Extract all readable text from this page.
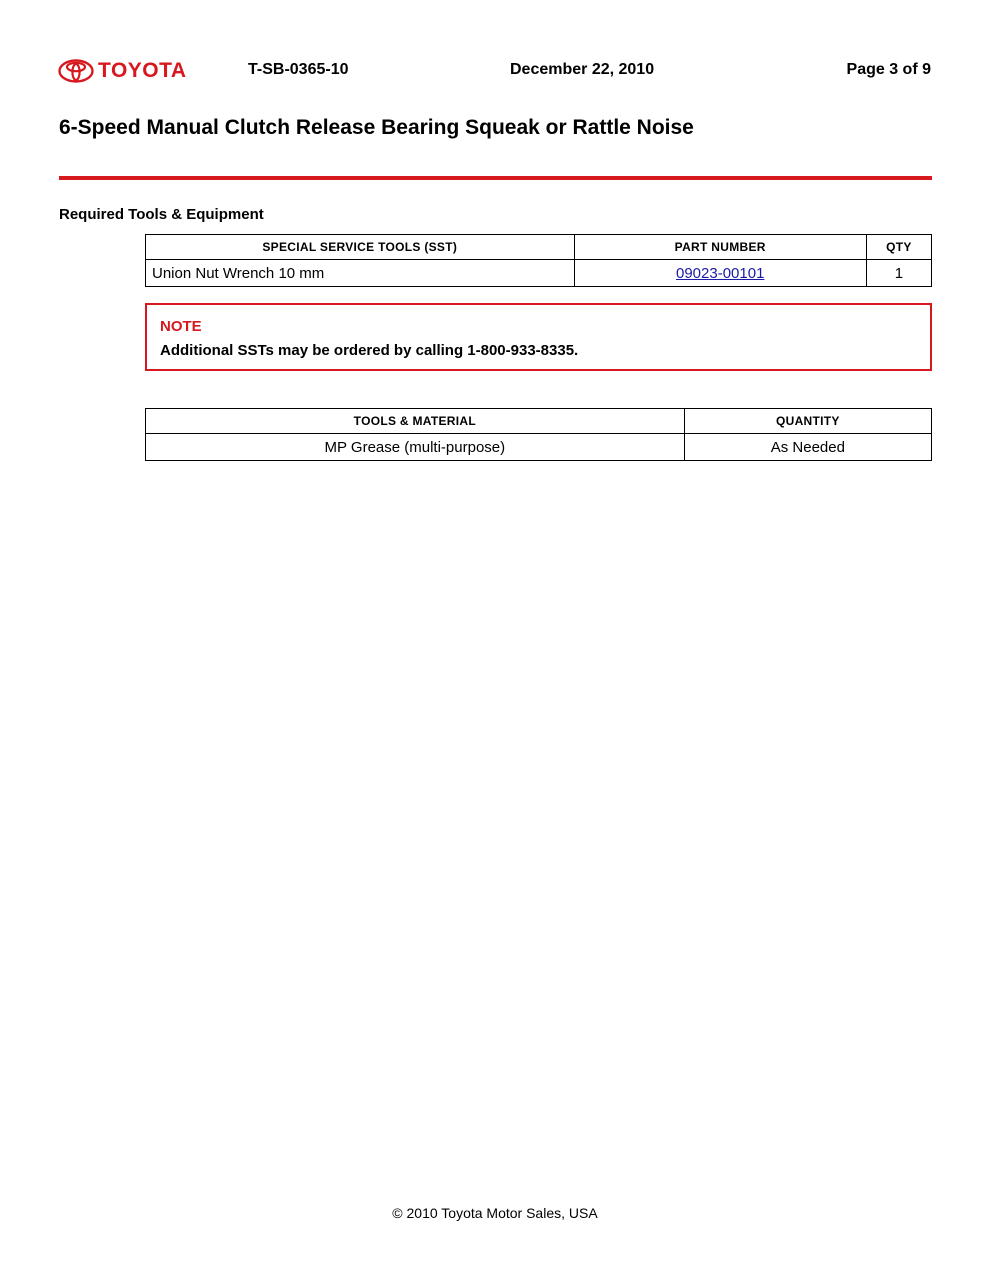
TOYOTA	T-SB-0365-10	December 22, 2010	Page 3 of 9
6-Speed Manual Clutch Release Bearing Squeak or Rattle Noise
Required Tools & Equipment
SPECIAL SERVICE TOOLS (SST)	PART NUMBER	QTY
Union Nut Wrench 10 mm	09023-00101	1
NOTE
Additional SSTs may be ordered by calling 1-800-933-8335.
TOOLS & MATERIAL	QUANTITY
MP Grease (multi-purpose)	As Needed
© 2010 Toyota Motor Sales, USA
